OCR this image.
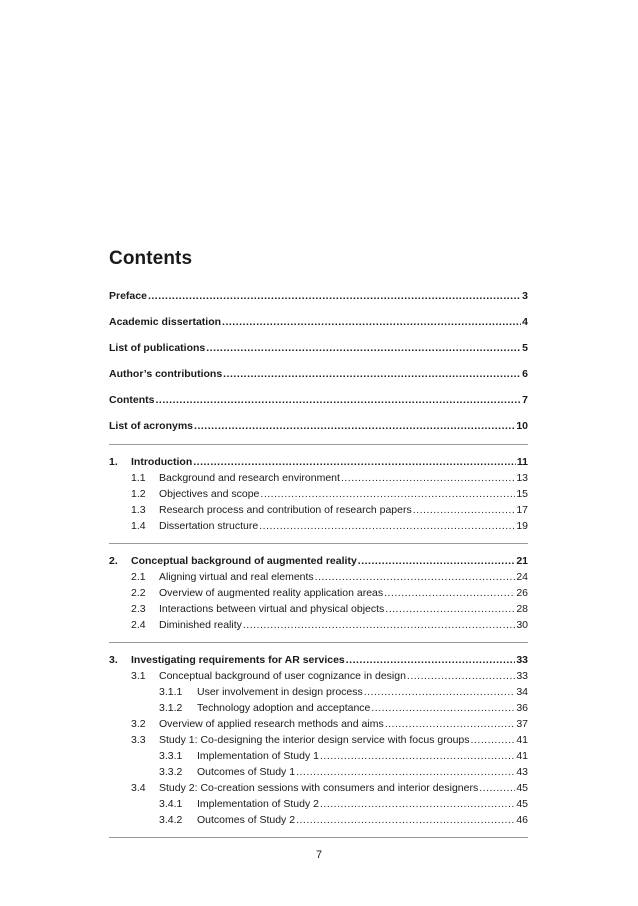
Contents
Preface .....	3
Academic dissertation .....	4
List of publications .....	5
Author’s contributions .....	6
Contents .....	7
List of acronyms .....	10
1.	Introduction .....	11
1.1	Background and research environment .....	13
1.2	Objectives and scope .....	15
1.3	Research process and contribution of research papers .....	17
1.4	Dissertation structure .....	19
2.	Conceptual background of augmented reality .....	21
2.1	Aligning virtual and real elements .....	24
2.2	Overview of augmented reality application areas .....	26
2.3	Interactions between virtual and physical objects .....	28
2.4	Diminished reality .....	30
3.	Investigating requirements for AR services .....	33
3.1	Conceptual background of user cognizance in design .....	33
3.1.1	User involvement in design process .....	34
3.1.2	Technology adoption and acceptance .....	36
3.2	Overview of applied research methods and aims .....	37
3.3	Study 1: Co-designing the interior design service with focus groups .....	41
3.3.1	Implementation of Study 1 .....	41
3.3.2	Outcomes of Study 1 .....	43
3.4	Study 2: Co-creation sessions with consumers and interior designers .....	45
3.4.1	Implementation of Study 2 .....	45
3.4.2	Outcomes of Study 2 .....	46
7
